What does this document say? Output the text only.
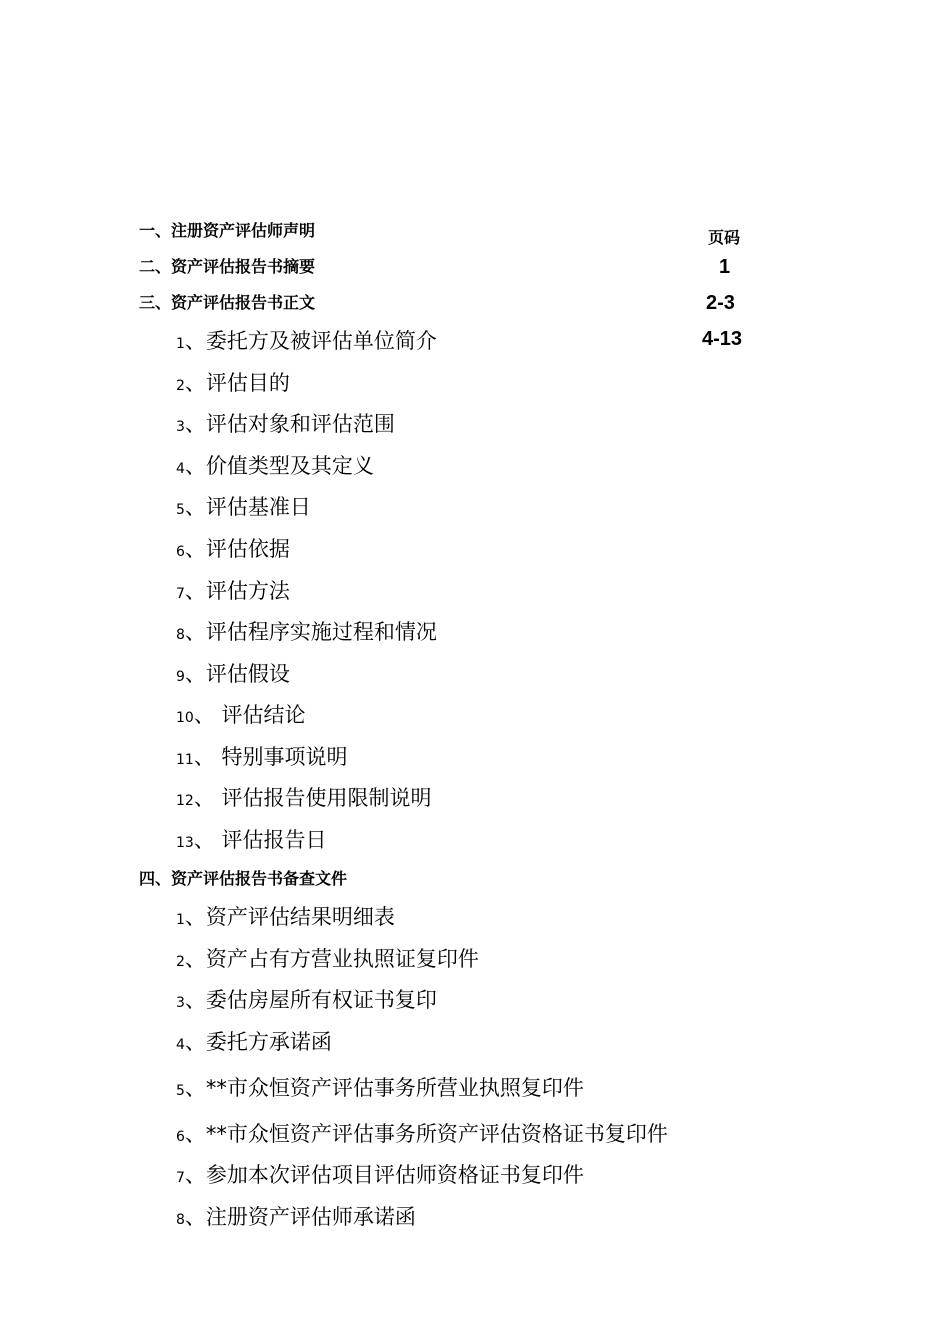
页码
1
2-3
4-13
一、注册资产评估师声明
二、资产评估报告书摘要
三、资产评估报告书正文
1、委托方及被评估单位简介
2、评估目的
3、评估对象和评估范围
4、价值类型及其定义
5、评估基准日
6、评估依据
7、评估方法
8、评估程序实施过程和情况
9、评估假设
10、 评估结论
11、 特别事项说明
12、 评估报告使用限制说明
13、 评估报告日
四、资产评估报告书备查文件
1、资产评估结果明细表
2、资产占有方营业执照证复印件
3、委估房屋所有权证书复印
4、委托方承诺函
5、**市众恒资产评估事务所营业执照复印件
6、**市众恒资产评估事务所资产评估资格证书复印件
7、参加本次评估项目评估师资格证书复印件
8、注册资产评估师承诺函
